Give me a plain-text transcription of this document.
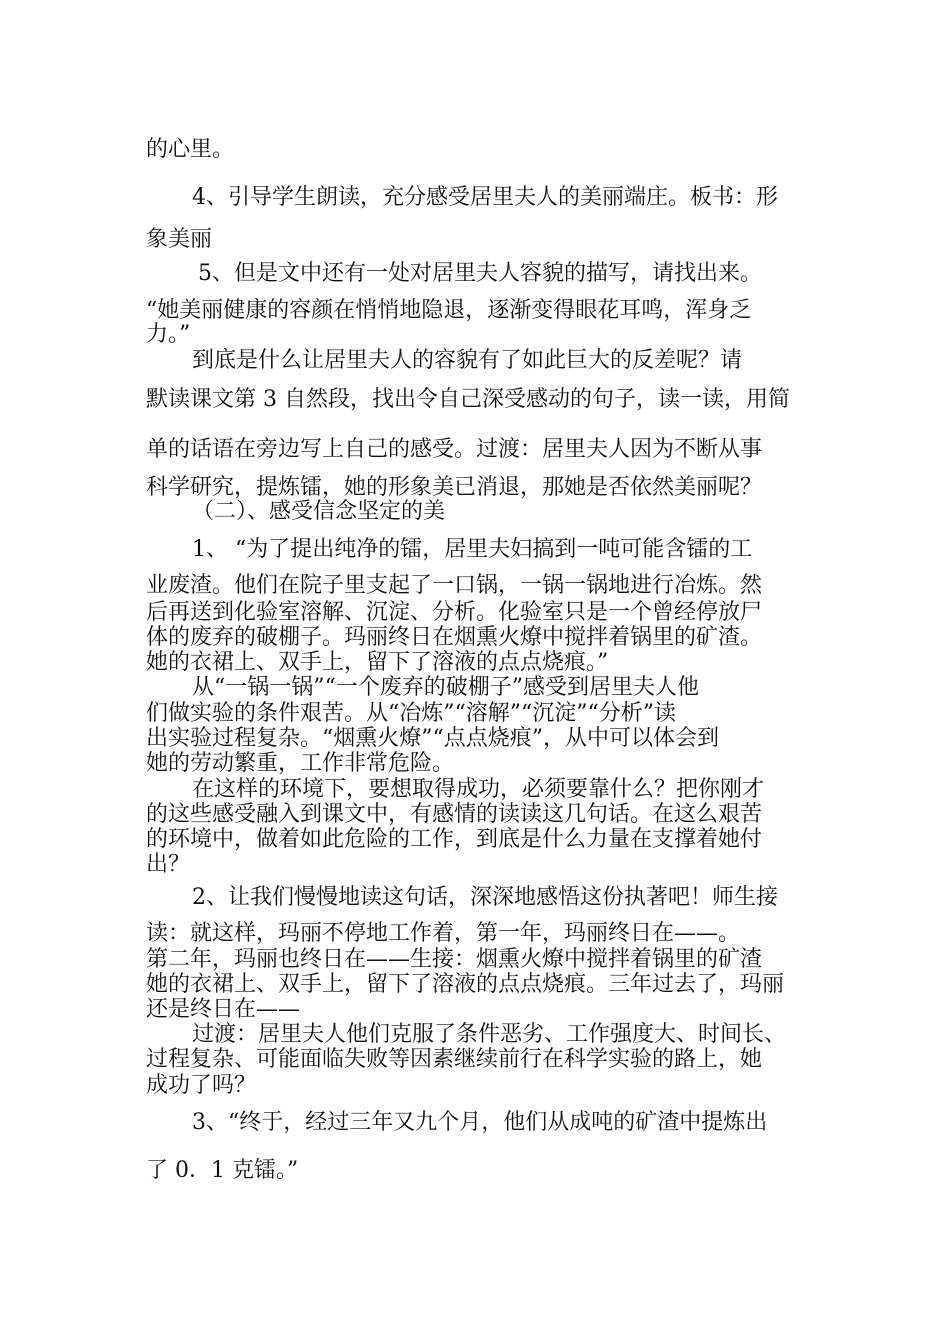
的心里。
4、引导学生朗读，充分感受居里夫人的美丽端庄。板书：形
象美丽
5、但是文中还有一处对居里夫人容貌的描写，请找出来。
“她美丽健康的容颜在悄悄地隐退，逐渐变得眼花耳鸣，浑身乏
力。”
到底是什么让居里夫人的容貌有了如此巨大的反差呢？请
默读课文第 3 自然段，找出令自己深受感动的句子，读一读，用简
单的话语在旁边写上自己的感受。过渡：居里夫人因为不断从事
科学研究，提炼镭，她的形象美已消退，那她是否依然美丽呢？
（二）、感受信念坚定的美
1、 “为了提出纯净的镭，居里夫妇搞到一吨可能含镭的工
业废渣。他们在院子里支起了一口锅，一锅一锅地进行冶炼。然
后再送到化验室溶解、沉淀、分析。化验室只是一个曾经停放尸
体的废弃的破棚子。玛丽终日在烟熏火燎中搅拌着锅里的矿渣。
她的衣裙上、双手上，留下了溶液的点点烧痕。”
从“一锅一锅”“一个废弃的破棚子”感受到居里夫人他
们做实验的条件艰苦。从“冶炼”“溶解”“沉淀”“分析”读
出实验过程复杂。“烟熏火燎”“点点烧痕”，从中可以体会到
她的劳动繁重，工作非常危险。
在这样的环境下，要想取得成功，必须要靠什么？把你刚才
的这些感受融入到课文中，有感情的读读这几句话。在这么艰苦
的环境中，做着如此危险的工作，到底是什么力量在支撑着她付
出？
2、让我们慢慢地读这句话，深深地感悟这份执著吧！师生接
读：就这样，玛丽不停地工作着，第一年，玛丽终日在——。
第二年，玛丽也终日在——生接：烟熏火燎中搅拌着锅里的矿渣
她的衣裙上、双手上，留下了溶液的点点烧痕。三年过去了，玛丽
还是终日在——
过渡：居里夫人他们克服了条件恶劣、工作强度大、时间长、
过程复杂、可能面临失败等因素继续前行在科学实验的路上，她
成功了吗？
3、“终于，经过三年又九个月，他们从成吨的矿渣中提炼出
了 0．1 克镭。”
